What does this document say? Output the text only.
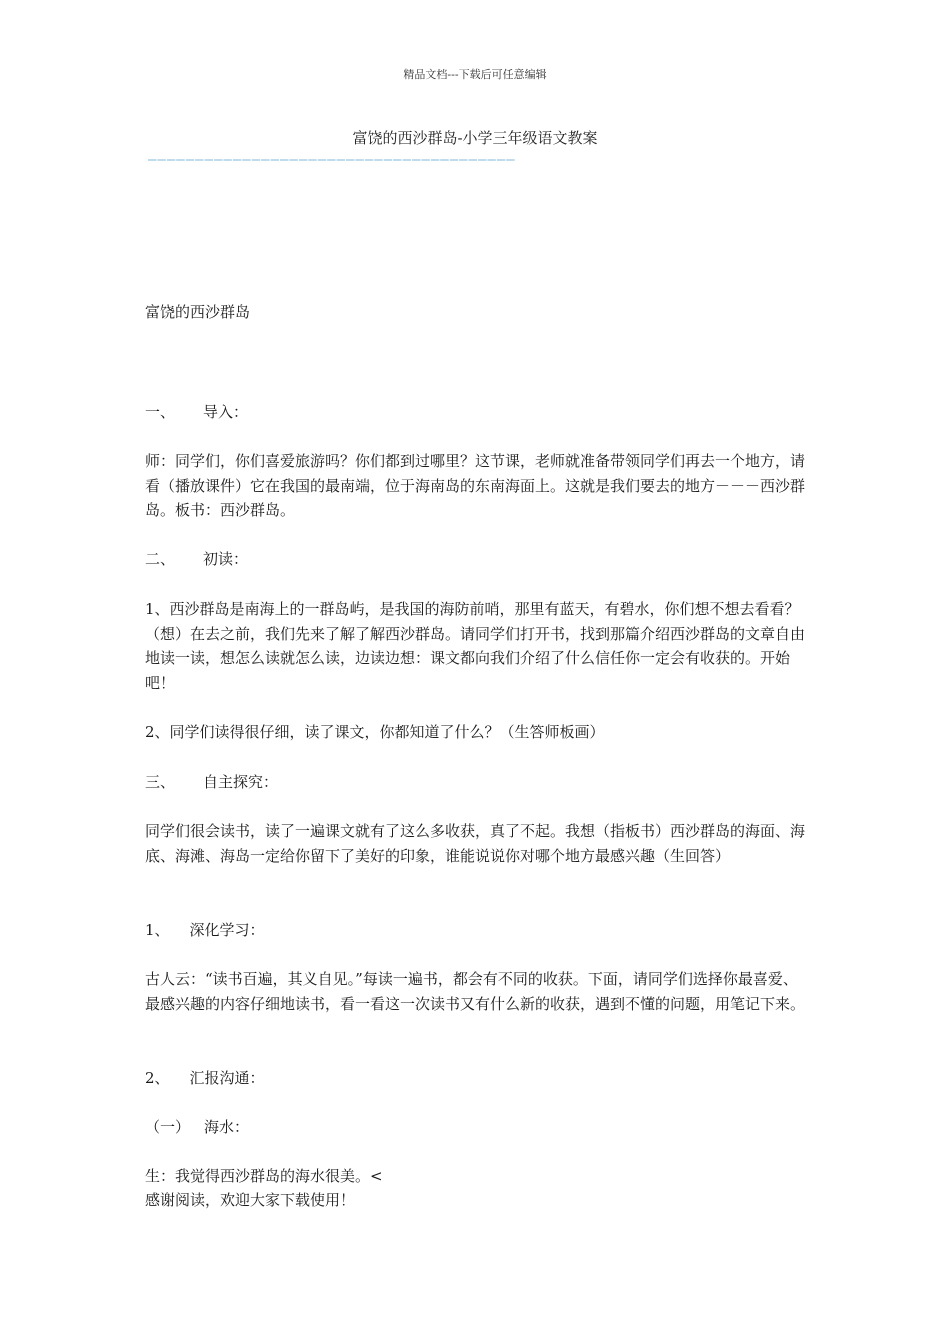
精品文档---下载后可任意编辑
富饶的西沙群岛-小学三年级语文教案
———————————————————————————————————————

富饶的西沙群岛

一、 导入：

师：同学们，你们喜爱旅游吗？你们都到过哪里？这节课，老师就准备带领同学们再去一个地方，请看（播放课件）它在我国的最南端，位于海南岛的东南海面上。这就是我们要去的地方－－－西沙群岛。板书：西沙群岛。

二、 初读：

1、西沙群岛是南海上的一群岛屿，是我国的海防前哨，那里有蓝天，有碧水，你们想不想去看看？（想）在去之前，我们先来了解了解西沙群岛。请同学们打开书，找到那篇介绍西沙群岛的文章自由地读一读，想怎么读就怎么读，边读边想：课文都向我们介绍了什么信任你一定会有收获的。开始吧！

2、同学们读得很仔细，读了课文，你都知道了什么？（生答师板画）

三、 自主探究：

同学们很会读书，读了一遍课文就有了这么多收获，真了不起。我想（指板书）西沙群岛的海面、海底、海滩、海岛一定给你留下了美好的印象，谁能说说你对哪个地方最感兴趣（生回答）

1、 深化学习：

古人云：“读书百遍，其义自见。”每读一遍书，都会有不同的收获。下面，请同学们选择你最喜爱、最感兴趣的内容仔细地读书，看一看这一次读书又有什么新的收获，遇到不懂的问题，用笔记下来。

2、 汇报沟通：

（一） 海水：

生：我觉得西沙群岛的海水很美。<

感谢阅读，欢迎大家下载使用！
